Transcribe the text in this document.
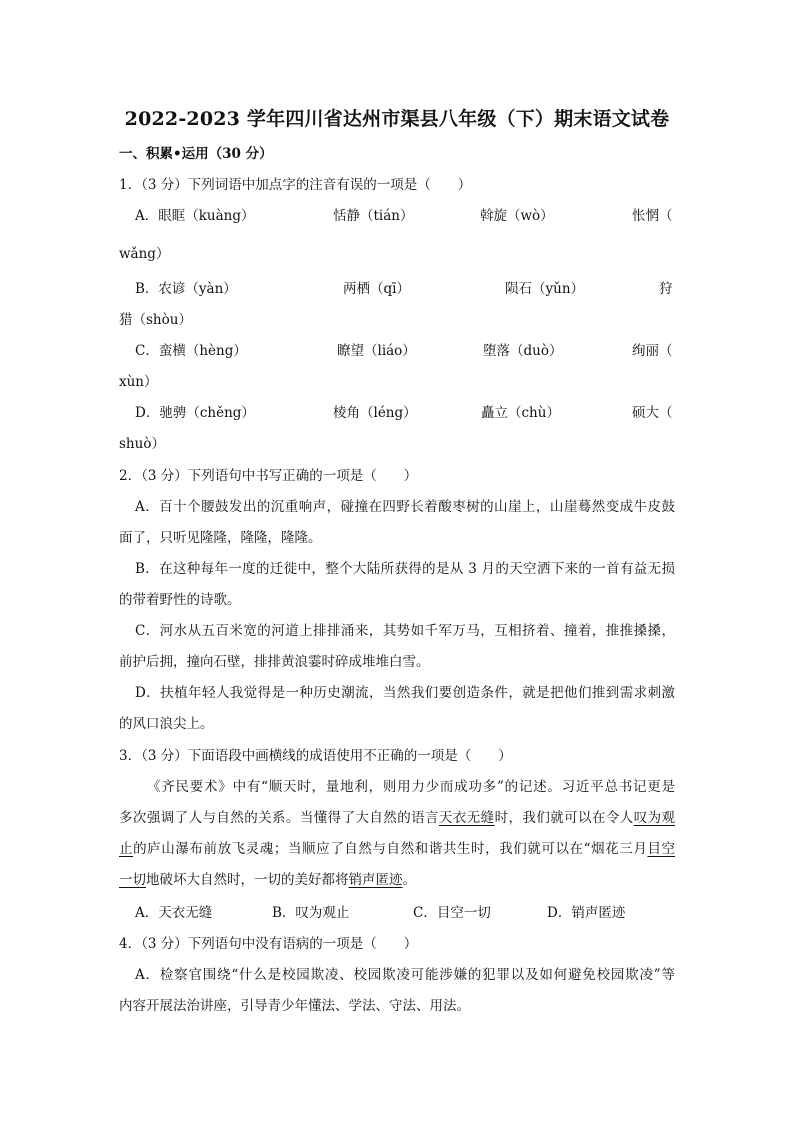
2022-2023 学年四川省达州市渠县八年级（下）期末语文试卷
一、积累•运用（30 分）
1．（3 分）下列词语中加点字的注音有误的一项是（　　）
A．眼眶（kuàng）	恬静（tián）	斡旋（wò）	怅惘（
wǎng）
B．农谚（yàn）	两栖（qī）	陨石（yǔn）	狩
猎（shòu）
C．蛮横（hèng）	瞭望（liáo）	堕落（duò）	绚丽（
xùn）
D．驰骋（chěng）	棱角（léng）	矗立（chù）	硕大（
shuò）
2．（3 分）下列语句中书写正确的一项是（　　）
A．百十个腰鼓发出的沉重响声，碰撞在四野长着酸枣树的山崖上，山崖蓦然变成牛皮鼓
面了，只听见隆隆，隆隆，隆隆。
B．在这种每年一度的迁徙中，整个大陆所获得的是从 3 月的天空洒下来的一首有益无损
的带着野性的诗歌。
C．河水从五百米宽的河道上排排涌来，其势如千军万马，互相挤着、撞着，推推搡搡，
前护后拥，撞向石壁，排排黄浪霎时碎成堆堆白雪。
D．扶植年轻人我觉得是一种历史潮流，当然我们要创造条件，就是把他们推到需求刺激
的风口浪尖上。
3．（3 分）下面语段中画横线的成语使用不正确的一项是（　　）
《齐民要术》中有“顺天时，量地利，则用力少而成功多”的记述。习近平总书记更是
多次强调了人与自然的关系。当懂得了大自然的语言天衣无缝时，我们就可以在令人叹为观
止的庐山瀑布前放飞灵魂；当顺应了自然与自然和谐共生时，我们就可以在“烟花三月目空
一切地破坏大自然时，一切的美好都将销声匿迹。
A．天衣无缝	B．叹为观止	C．目空一切	D．销声匿迹
4．（3 分）下列语句中没有语病的一项是（　　）
A．检察官围绕“什么是校园欺凌、校园欺凌可能涉嫌的犯罪以及如何避免校园欺凌”等
内容开展法治讲座，引导青少年懂法、学法、守法、用法。
